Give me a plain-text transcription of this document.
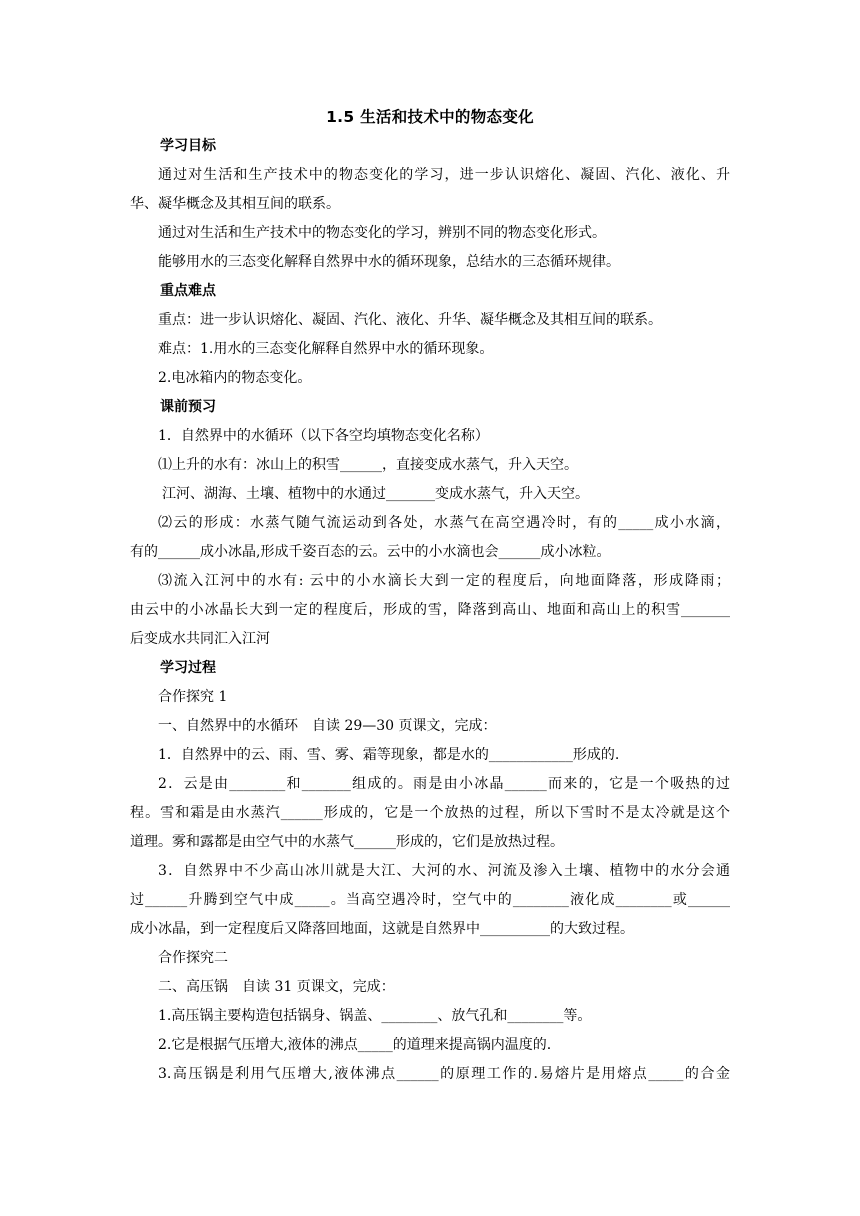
1.5 生活和技术中的物态变化
学习目标

通过对生活和生产技术中的物态变化的学习，进一步认识熔化、凝固、汽化、液化、升

华、凝华概念及其相互间的联系。

通过对生活和生产技术中的物态变化的学习，辨别不同的物态变化形式。

能够用水的三态变化解释自然界中水的循环现象，总结水的三态循环规律。

重点难点

重点：进一步认识熔化、凝固、汽化、液化、升华、凝华概念及其相互间的联系。

难点：1.用水的三态变化解释自然界中水的循环现象。

2.电冰箱内的物态变化。

课前预习

1．自然界中的水循环（以下各空均填物态变化名称）

⑴上升的水有：冰山上的积雪______，直接变成水蒸气，升入天空。

江河、湖海、土壤、植物中的水通过_______变成水蒸气，升入天空。

⑵云的形成：水蒸气随气流运动到各处，水蒸气在高空遇冷时，有的_____成小水滴，

有的______成小冰晶,形成千姿百态的云。云中的小水滴也会______成小冰粒。

⑶流入江河中的水有: 云中的小水滴长大到一定的程度后，向地面降落，形成降雨；

由云中的小冰晶长大到一定的程度后，形成的雪，降落到高山、地面和高山上的积雪_______

后变成水共同汇入江河

学习过程

合作探究 1

一、自然界中的水循环　自读 29—30 页课文，完成：

1．自然界中的云、雨、雪、雾、霜等现象，都是水的____________形成的.

2．云是由________和_______组成的。雨是由小冰晶______而来的，它是一个吸热的过

程。雪和霜是由水蒸汽______形成的，它是一个放热的过程，所以下雪时不是太冷就是这个

道理。雾和露都是由空气中的水蒸气______形成的，它们是放热过程。

3．自然界中不少高山冰川就是大江、大河的水、河流及渗入土壤、植物中的水分会通

过______升腾到空气中成_____。当高空遇冷时，空气中的________液化成________或______

成小冰晶，到一定程度后又降落回地面，这就是自然界中__________的大致过程。

合作探究二

二、高压锅　自读 31 页课文，完成：

1.高压锅主要构造包括锅身、锅盖、________、放气孔和________等。

2.它是根据气压增大,液体的沸点_____的道理来提高锅内温度的.

3.高压锅是利用气压增大,液体沸点______的原理工作的.易熔片是用熔点_____的合金
